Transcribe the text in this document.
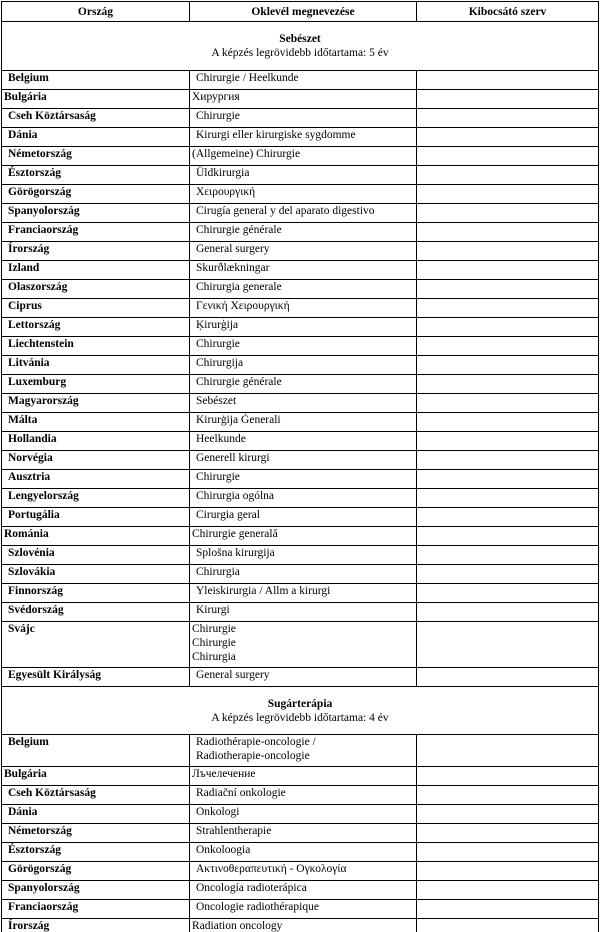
Ország	Oklevél megnevezése	Kibocsátó szerv

Sebészet
A képzés legrövidebb időtartama: 5 év		

Belgium	Chirurgie / Heelkunde	

Bulgária	Хирургия	

Cseh Köztársaság	Chirurgie	

Dánia	Kirurgi eller kirurgiske sygdomme	

Németország	(Allgemeine) Chirurgie	

Észtország	Üldkirurgia	

Görögország	Χειρουργική	

Spanyolország	Cirugía general y del aparato digestivo	

Franciaország	Chirurgie générale	

Írország	General surgery	

Izland	Skurðlækningar	

Olaszország	Chirurgia generale	

Ciprus	Γενική Χειρουργική	

Lettország	Ķirurģija	

Liechtenstein	Chirurgie	

Litvánia	Chirurgija	

Luxemburg	Chirurgie générale	

Magyarország	Sebészet	

Málta	Kirurġija Ġenerali	

Hollandia	Heelkunde	

Norvégia	Generell kirurgi	

Ausztria	Chirurgie	

Lengyelország	Chirurgia ogólna	

Portugália	Cirurgia geral	

Románia	Chirurgie generală	

Szlovénia	Splošna kirurgija	

Szlovákia	Chirurgia	

Finnország	Yleiskirurgia / Allm a kirurgi	

Svédország	Kirurgi	

Svájc	Chirurgie
Chirurgie
Chirurgia	

Egyesült Királyság	General surgery	

Sugárterápia
A képzés legrövidebb időtartama: 4 év		

Belgium	Radiothérapie-oncologie /
Radiotherapie-oncologie	

Bulgária	Лъчелечение	

Cseh Köztársaság	Radiační onkologie	

Dánia	Onkologi	

Németország	Strahlentherapie	

Észtország	Onkoloogia	

Görögország	Ακτινοθεραπευτική - Ογκολογία	

Spanyolország	Oncología radioterápica	

Franciaország	Oncologie radiothérapique	

Írország	Radiation oncology	
